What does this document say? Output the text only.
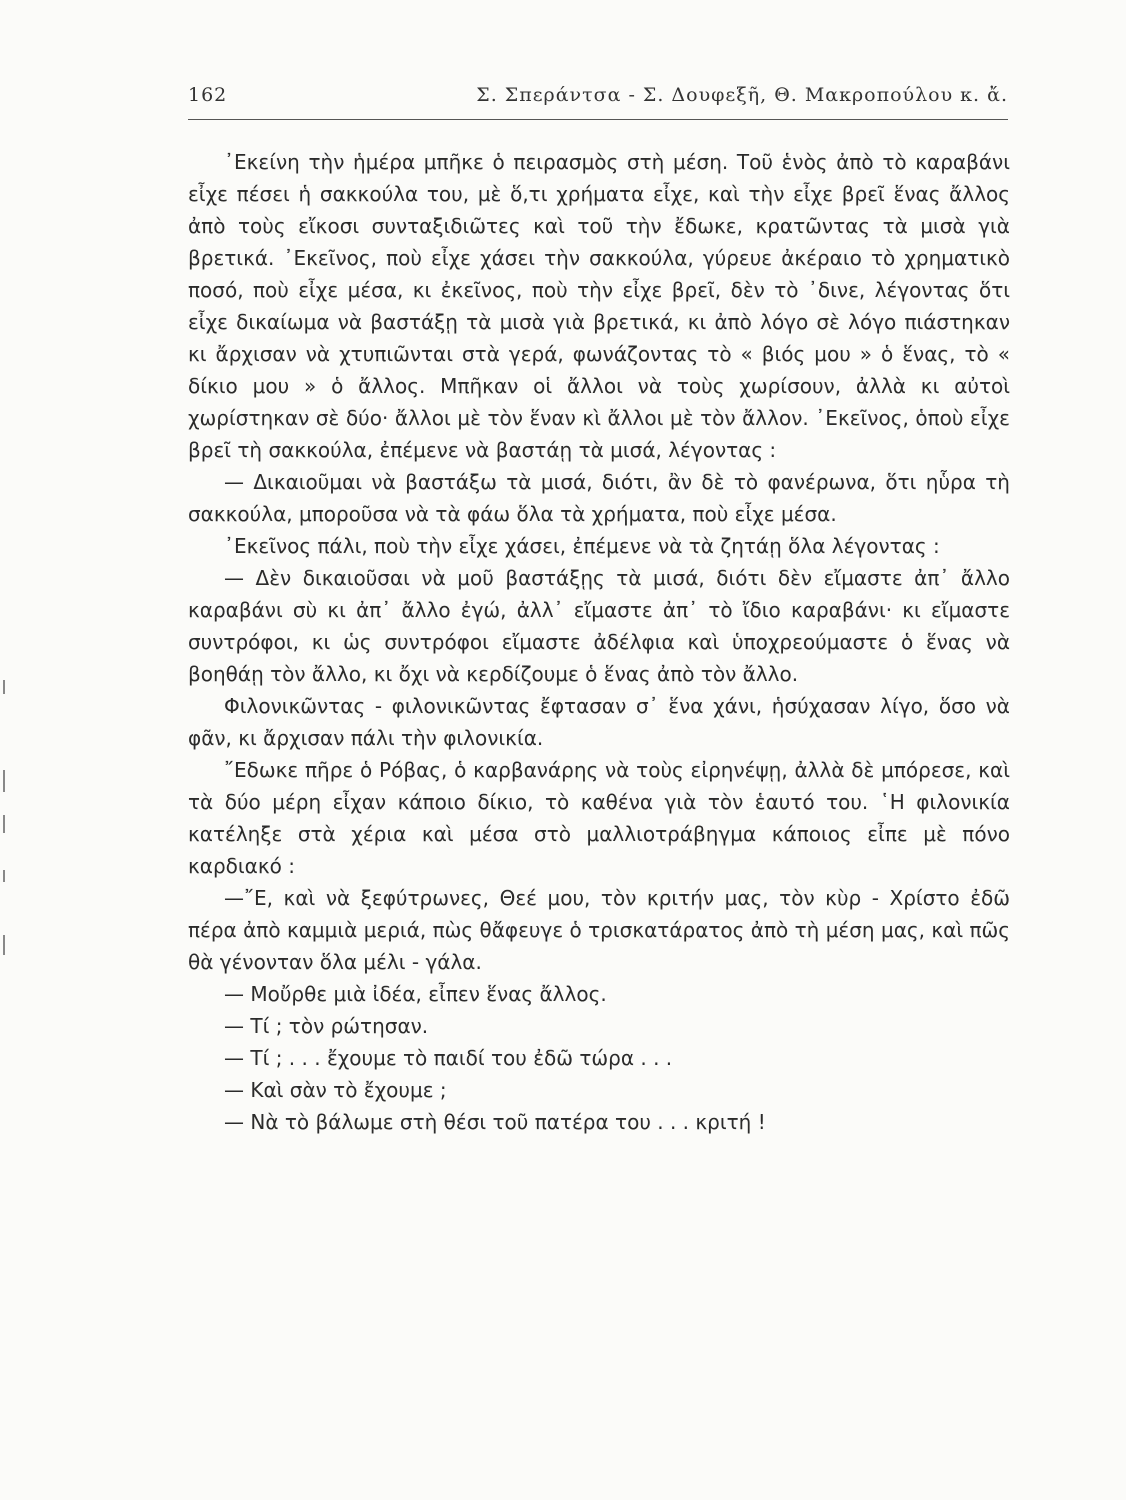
162	Σ. Σπεράντσα - Σ. Δουφεξῆ, Θ. Μακροπούλου κ. ἄ.

᾿Εκείνη τὴν ἡμέρα μπῆκε ὁ πειρασμὸς στὴ μέση. Τοῦ ἑνὸς ἀπὸ τὸ καραβάνι εἶχε πέσει ἡ σακκούλα του, μὲ ὅ,τι χρήματα εἶχε, καὶ τὴν εἶχε βρεῖ ἕνας ἄλλος ἀπὸ τοὺς εἴκοσι συνταξιδιῶτες καὶ τοῦ τὴν ἔδωκε, κρατῶντας τὰ μισὰ γιὰ βρετικά. ᾿Εκεῖνος, ποὺ εἶχε χάσει τὴν σακκούλα, γύρευε ἀκέραιο τὸ χρηματικὸ ποσό, ποὺ εἶχε μέσα, κι ἐκεῖνος, ποὺ τὴν εἶχε βρεῖ, δὲν τὸ ᾿δινε, λέγοντας ὅτι εἶχε δικαίωμα νὰ βαστάξῃ τὰ μισὰ γιὰ βρετικά, κι ἀπὸ λόγο σὲ λόγο πιάστηκαν κι ἄρχισαν νὰ χτυπιῶνται στὰ γερά, φωνάζοντας τὸ « βιός μου » ὁ ἕνας, τὸ « δίκιο μου » ὁ ἄλλος. Μπῆκαν οἱ ἄλλοι νὰ τοὺς χωρίσουν, ἀλλὰ κι αὐτοὶ χωρίστηκαν σὲ δύο· ἄλλοι μὲ τὸν ἕναν κὶ ἄλλοι μὲ τὸν ἄλλον. ᾿Εκεῖνος, ὁποὺ εἶχε βρεῖ τὴ σακκούλα, ἐπέμενε νὰ βαστάῃ τὰ μισά, λέγοντας :

— Δικαιοῦμαι νὰ βαστάξω τὰ μισά, διότι, ἂν δὲ τὸ φανέρωνα, ὅτι ηὗρα τὴ σακκούλα, μποροῦσα νὰ τὰ φάω ὅλα τὰ χρήματα, ποὺ εἶχε μέσα.

᾿Εκεῖνος πάλι, ποὺ τὴν εἶχε χάσει, ἐπέμενε νὰ τὰ ζητάῃ ὅλα λέγοντας :

— Δὲν δικαιοῦσαι νὰ μοῦ βαστάξῃς τὰ μισά, διότι δὲν εἴμαστε ἀπ᾿ ἄλλο καραβάνι σὺ κι ἀπ᾿ ἄλλο ἐγώ, ἀλλ᾿ εἴμαστε ἀπ᾿ τὸ ἴδιο καραβάνι· κι εἴμαστε συντρόφοι, κι ὡς συντρόφοι εἴμαστε ἀδέλφια καὶ ὑποχρεούμαστε ὁ ἕνας νὰ βοηθάῃ τὸν ἄλλο, κι ὄχι νὰ κερδίζουμε ὁ ἕνας ἀπὸ τὸν ἄλλο.

Φιλονικῶντας - φιλονικῶντας ἔφτασαν σ᾿ ἕνα χάνι, ἡσύχασαν λίγο, ὅσο νὰ φᾶν, κι ἄρχισαν πάλι τὴν φιλονικία.

῎Εδωκε πῆρε ὁ Ρόβας, ὁ καρβανάρης νὰ τοὺς εἰρηνέψῃ, ἀλλὰ δὲ μπόρεσε, καὶ τὰ δύο μέρη εἶχαν κάποιο δίκιο, τὸ καθένα γιὰ τὸν ἑαυτό του. ῾Η φιλονικία κατέληξε στὰ χέρια καὶ μέσα στὸ μαλλιοτράβηγμα κάποιος εἶπε μὲ πόνο καρδιακό :

—῎Ε, καὶ νὰ ξεφύτρωνες, Θεέ μου, τὸν κριτήν μας, τὸν κὺρ - Χρίστο ἐδῶ πέρα ἀπὸ καμμιὰ μεριά, πὼς θἄφευγε ὁ τρισκατάρατος ἀπὸ τὴ μέση μας, καὶ πῶς θὰ γένονταν ὅλα μέλι - γάλα.

— Μοὔρθε μιὰ ἰδέα, εἶπεν ἕνας ἄλλος.

— Τί ; τὸν ρώτησαν.

— Τί ; . . . ἔχουμε τὸ παιδί του ἐδῶ τώρα . . .

— Καὶ σὰν τὸ ἔχουμε ;

— Νὰ τὸ βάλωμε στὴ θέσι τοῦ πατέρα του . . . κριτή !
